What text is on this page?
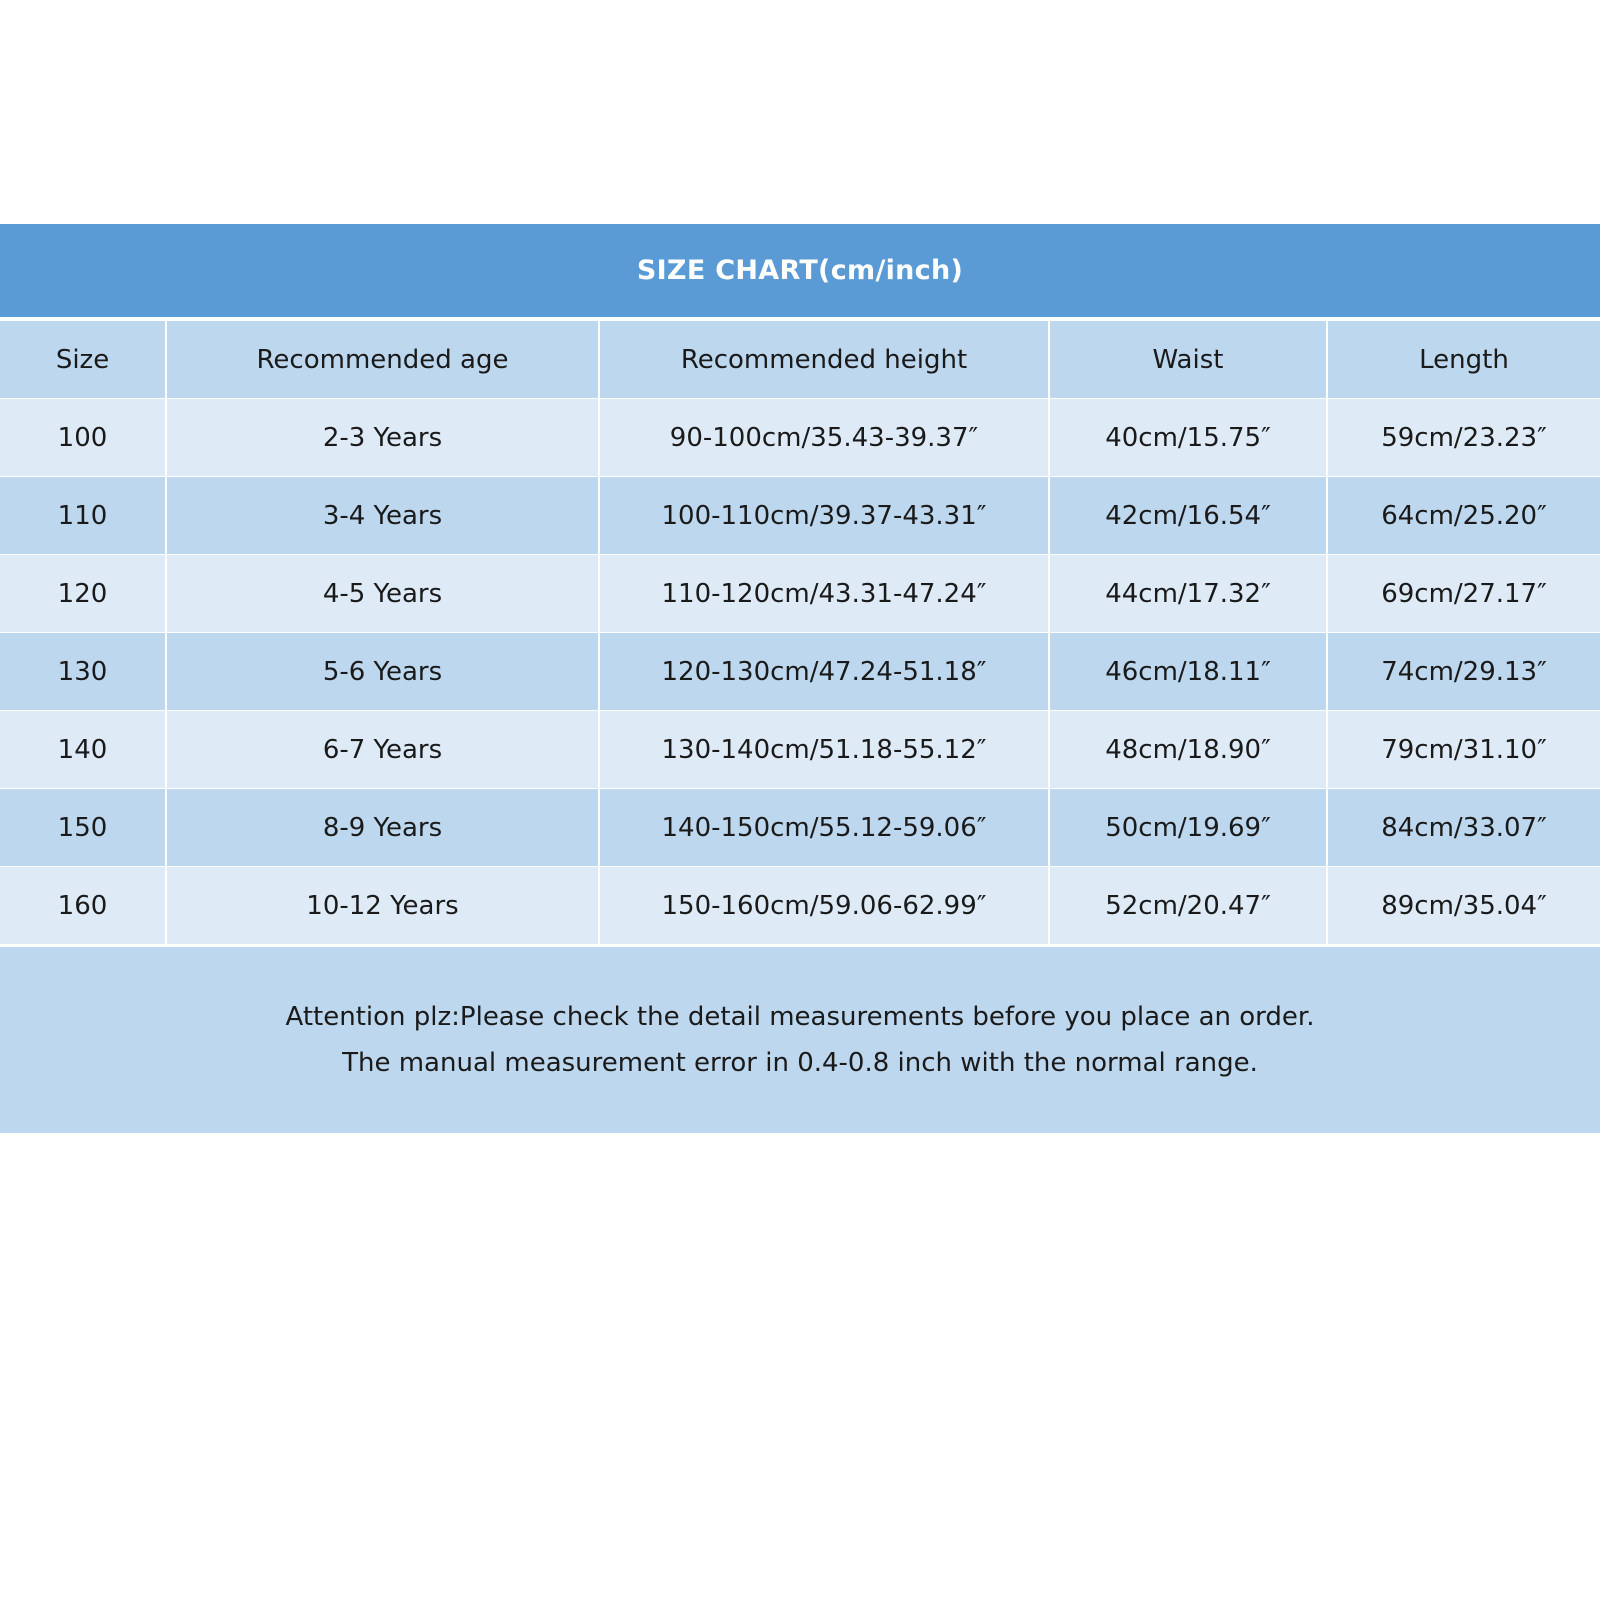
SIZE CHART(cm/inch)
Size	Recommended age	Recommended height	Waist	Length
100	2-3 Years	90-100cm/35.43-39.37″	40cm/15.75″	59cm/23.23″
110	3-4 Years	100-110cm/39.37-43.31″	42cm/16.54″	64cm/25.20″
120	4-5 Years	110-120cm/43.31-47.24″	44cm/17.32″	69cm/27.17″
130	5-6 Years	120-130cm/47.24-51.18″	46cm/18.11″	74cm/29.13″
140	6-7 Years	130-140cm/51.18-55.12″	48cm/18.90″	79cm/31.10″
150	8-9 Years	140-150cm/55.12-59.06″	50cm/19.69″	84cm/33.07″
160	10-12 Years	150-160cm/59.06-62.99″	52cm/20.47″	89cm/35.04″
Attention plz:Please check the detail measurements before you place an order.
The manual measurement error in 0.4-0.8 inch with the normal range.
